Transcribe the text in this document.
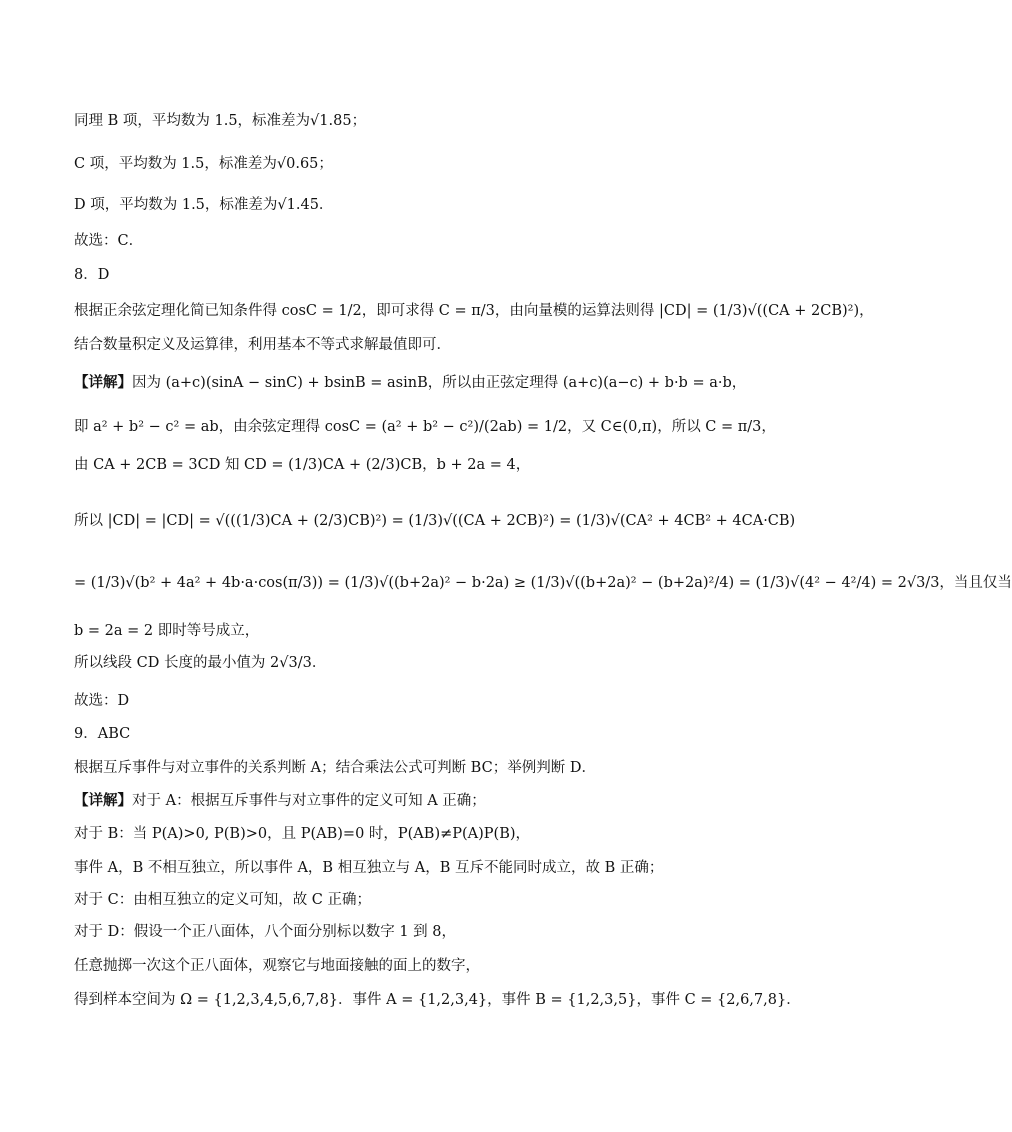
同理 B 项，平均数为 1.5，标准差为√1.85；
C 项，平均数为 1.5，标准差为√0.65；
D 项，平均数为 1.5，标准差为√1.45．
故选：C．
8．D
根据正余弦定理化简已知条件得 cosC = 1/2，即可求得 C = π/3，由向量模的运算法则得 |CD| = (1/3)√((CA + 2CB)²)，
结合数量积定义及运算律，利用基本不等式求解最值即可．
【详解】因为 (a+c)(sinA − sinC) + bsinB = asinB，所以由正弦定理得 (a+c)(a−c) + b·b = a·b，
即 a² + b² − c² = ab，由余弦定理得 cosC = (a² + b² − c²)/(2ab) = 1/2，又 C∈(0,π)，所以 C = π/3，
由 CA + 2CB = 3CD 知 CD = (1/3)CA + (2/3)CB，b + 2a = 4，
所以 |CD| = |CD| = √(((1/3)CA + (2/3)CB)²) = (1/3)√((CA + 2CB)²) = (1/3)√(CA² + 4CB² + 4CA·CB)
= (1/3)√(b² + 4a² + 4b·a·cos(π/3)) = (1/3)√((b+2a)² − b·2a) ≥ (1/3)√((b+2a)² − (b+2a)²/4) = (1/3)√(4² − 4²/4) = 2√3/3，当且仅当
b = 2a = 2 即时等号成立，
所以线段 CD 长度的最小值为 2√3/3．
故选：D
9．ABC
根据互斥事件与对立事件的关系判断 A；结合乘法公式可判断 BC；举例判断 D．
【详解】对于 A：根据互斥事件与对立事件的定义可知 A 正确；
对于 B：当 P(A)>0, P(B)>0，且 P(AB)=0 时，P(AB)≠P(A)P(B)，
事件 A，B 不相互独立，所以事件 A，B 相互独立与 A，B 互斥不能同时成立，故 B 正确；
对于 C：由相互独立的定义可知，故 C 正确；
对于 D：假设一个正八面体，八个面分别标以数字 1 到 8，
任意抛掷一次这个正八面体，观察它与地面接触的面上的数字，
得到样本空间为 Ω = {1,2,3,4,5,6,7,8}．事件 A = {1,2,3,4}，事件 B = {1,2,3,5}，事件 C = {2,6,7,8}．
